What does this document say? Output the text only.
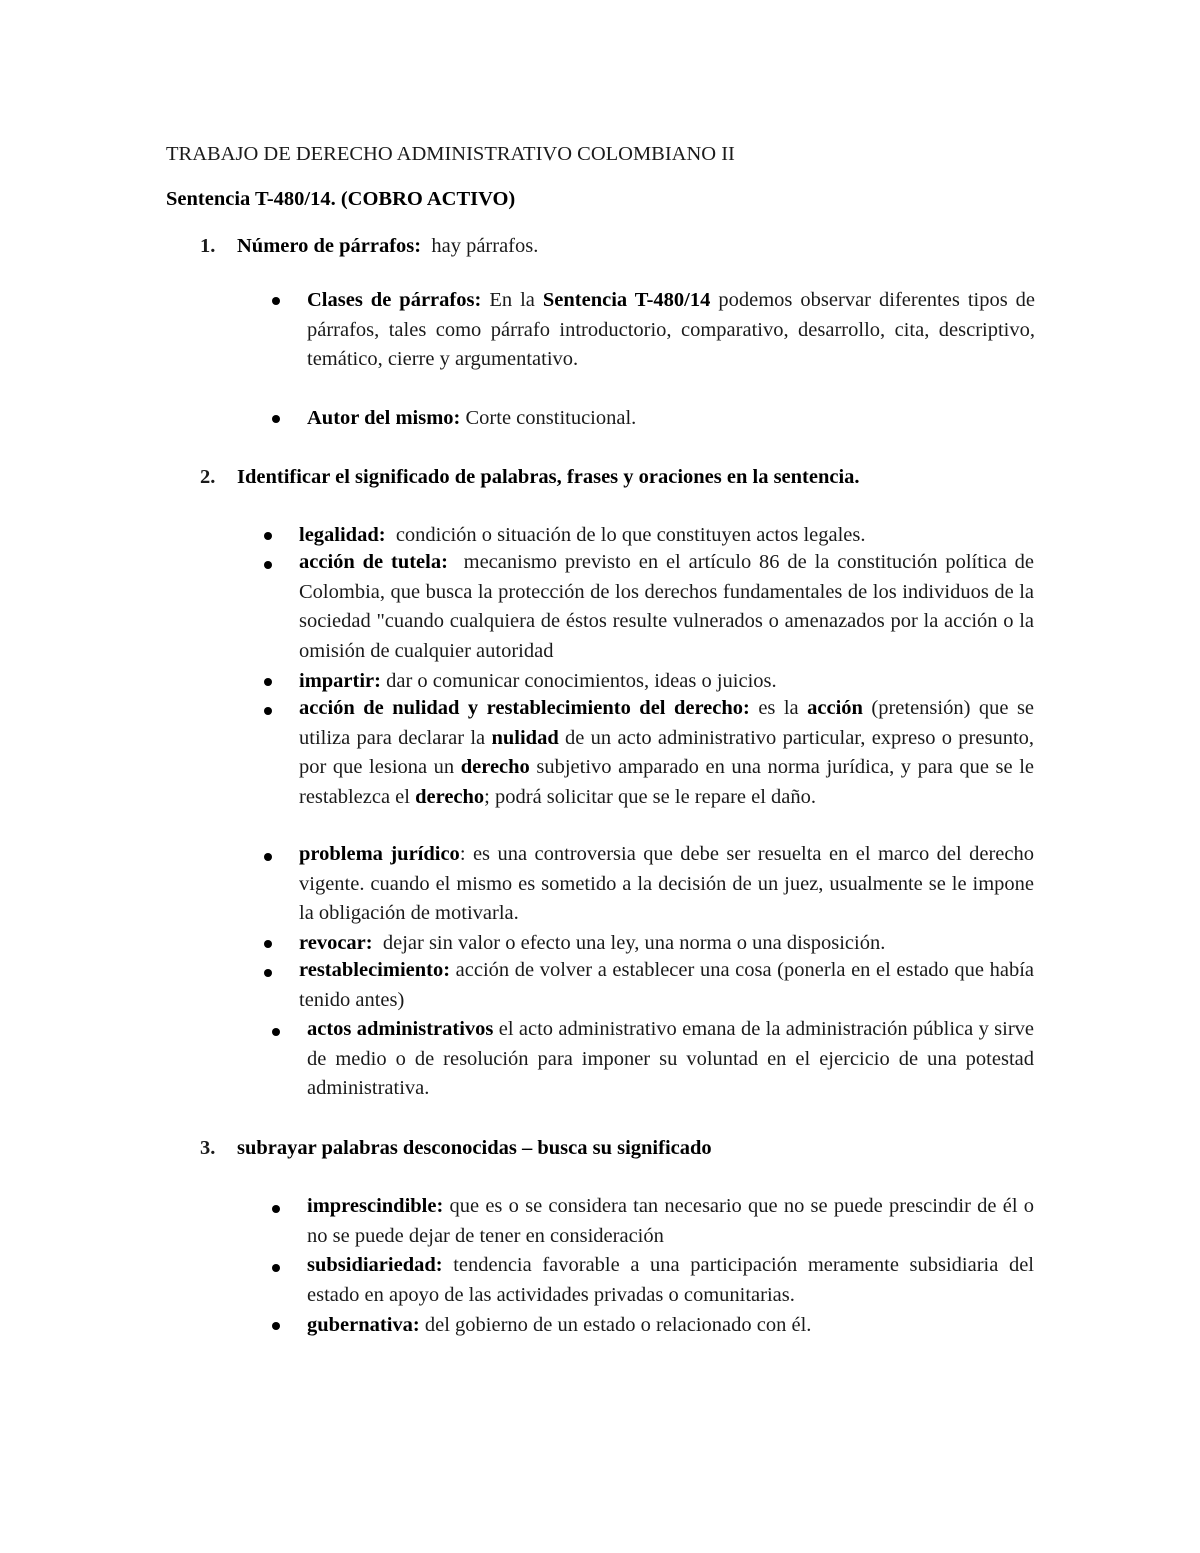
TRABAJO DE DERECHO ADMINISTRATIVO COLOMBIANO II
Sentencia T-480/14. (COBRO ACTIVO)
1. Número de párrafos: hay párrafos.
Clases de párrafos: En la Sentencia T-480/14 podemos observar diferentes tipos de párrafos, tales como párrafo introductorio, comparativo, desarrollo, cita, descriptivo, temático, cierre y argumentativo.
Autor del mismo: Corte constitucional.
2. Identificar el significado de palabras, frases y oraciones en la sentencia.
legalidad: condición o situación de lo que constituyen actos legales.
acción de tutela: mecanismo previsto en el artículo 86 de la constitución política de Colombia, que busca la protección de los derechos fundamentales de los individuos de la sociedad "cuando cualquiera de éstos resulte vulnerados o amenazados por la acción o la omisión de cualquier autoridad
impartir: dar o comunicar conocimientos, ideas o juicios.
acción de nulidad y restablecimiento del derecho: es la acción (pretensión) que se utiliza para declarar la nulidad de un acto administrativo particular, expreso o presunto, por que lesiona un derecho subjetivo amparado en una norma jurídica, y para que se le restablezca el derecho; podrá solicitar que se le repare el daño.
problema jurídico: es una controversia que debe ser resuelta en el marco del derecho vigente. cuando el mismo es sometido a la decisión de un juez, usualmente se le impone la obligación de motivarla.
revocar: dejar sin valor o efecto una ley, una norma o una disposición.
restablecimiento: acción de volver a establecer una cosa (ponerla en el estado que había tenido antes)
actos administrativos el acto administrativo emana de la administración pública y sirve de medio o de resolución para imponer su voluntad en el ejercicio de una potestad administrativa.
3. subrayar palabras desconocidas – busca su significado
imprescindible: que es o se considera tan necesario que no se puede prescindir de él o no se puede dejar de tener en consideración
subsidiariedad: tendencia favorable a una participación meramente subsidiaria del estado en apoyo de las actividades privadas o comunitarias.
gubernativa: del gobierno de un estado o relacionado con él.
